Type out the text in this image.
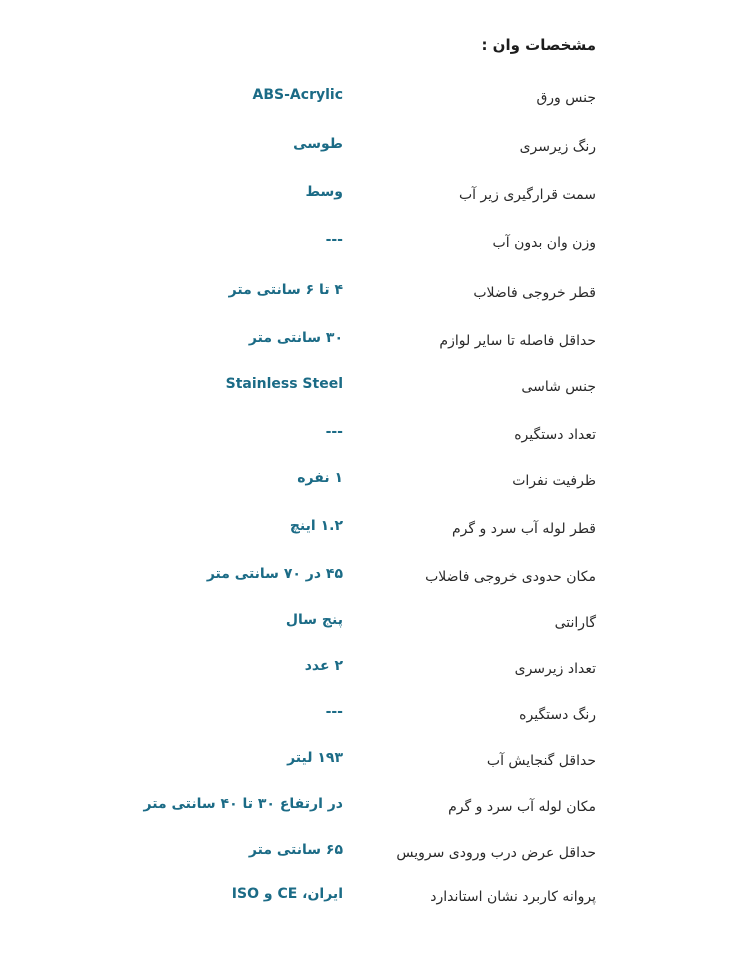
مشخصات وان :
جنس ورق
ABS-Acrylic
رنگ زیرسری
طوسی
سمت قرارگیری زیر آب
وسط
وزن وان بدون آب
---
قطر خروجی فاضلاب
۴ تا ۶ سانتی متر
حداقل فاصله تا سایر لوازم
۳۰ سانتی متر
جنس شاسی
Stainless Steel
تعداد دستگیره
---
ظرفیت نفرات
۱ نفره
قطر لوله آب سرد و گرم
۱.۲ اینچ
مکان حدودی خروجی فاضلاب
۴۵ در ۷۰ سانتی متر
گارانتی
پنج سال
تعداد زیرسری
۲ عدد
رنگ دستگیره
---
حداقل گنجایش آب
۱۹۳ لیتر
مکان لوله آب سرد و گرم
در ارتفاع ۳۰ تا ۴۰ سانتی متر
حداقل عرض درب ورودی سرویس
۶۵ سانتی متر
پروانه کاربرد نشان استاندارد
ایران، CE و ISO
